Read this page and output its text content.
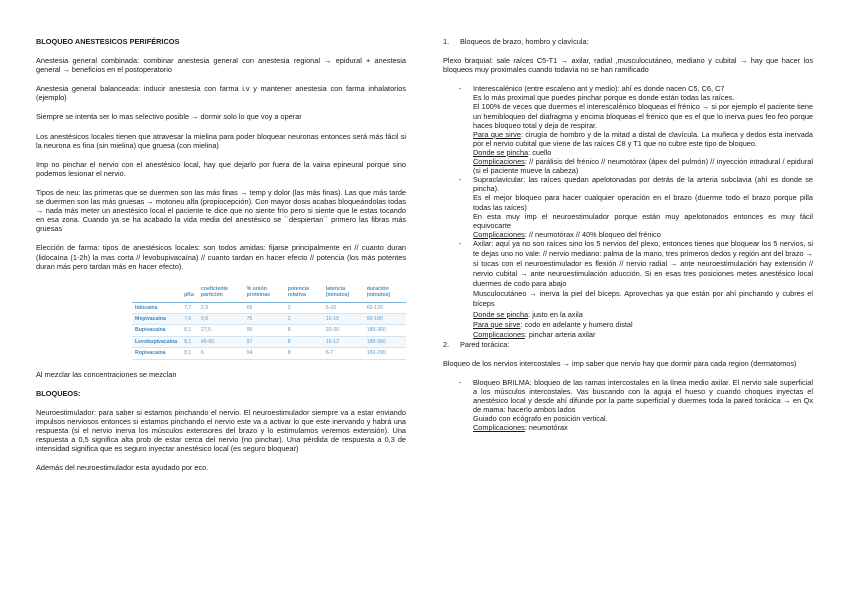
BLOQUEO ANESTESICOS PERIFÉRICOS

Anestesia general combinada: combinar anestesia general con anestesia regional → epidural + anestesia general → beneficios en el postoperatorio

Anestesia general balanceada: inducir anestesia con farma i.v y mantener anestesia con farma inhalatorios (ejemplo)

Siempre se intenta ser lo mas selectivo posible → dormir solo lo que voy a operar

Los anestésicos locales tienen que atravesar la mielina para poder bloquear neuronas entonces será más fácil si la neurona es fina (sin mielina) que gruesa (con mielina)

Imp no pinchar el nervio con el anestésico local, hay que dejarlo por fuera de la vaina epineural porque sino podemos lesionar el nervio.

Tipos de neu: las primeras que se duermen son las más finas → temp y dolor (las más finas). Las que más tarde se duermen son las más gruesas → motoneu alfa (propiocepción). Con mayor dosis acabas bloqueándolas todas → nada más meter un anestésico local el paciente te dice que no siente frío pero si siente que le estas tocando en esa zona. Cuando ya se ha acabado la vida media del anestésico se ´´despiertan´´ primero las fibras más gruesas

Elección de farma: tipos de anestésicos locales: son todos amidas: fijarse principalmente en // cuanto duran (lidocaína (1-2h) la mas corta // levobupivacaína) // cuanto tardan en hacer efecto // potencia (los más potentes duran más pero tardan más en hacer efecto).

	pKa	coeficiente partición	% unión proteínas	potencia relativa	latencia (minutos)	duración (minutos)
lidocaína	7,7	2,9	65	2	5-10	60-120
Mepivacaína	7,6	0,8	75	2	10-15	90-180
Bupivacaína	8,1	27,5	95	8	20-30	180-360
Levobupivacaína	8,1	45-60	97	8	10-12	180-360
Ropivacaína	8,1	6	94	8	6-7	160-290

Al mezclar las concentraciones se mezclan

BLOQUEOS:

Neuroestimulador: para saber si estamos pinchando el nervio. El neuroestimulador siempre va a estar enviando impulsos nerviosos entonces si estamos pinchando el nervio este va a activar lo que este inervando y habrá una respuesta (si el nervio inerva los músculos extensores del brazo y lo estimulamos veremos extensión). Una respuesta a 0,5 significa alta prob de estar cerca del nervio (no pinchar). Una pérdida de respuesta a 0,3 de intensidad significa que es seguro inyectar anestésico local (es seguro bloquear)

Además del neuroestimulador esta ayudado por eco.

1.	Bloqueos de brazo, hombro y clavícula:

Plexo braquial: sale raíces C5-T1 → axilar, radial ,musculocutáneo, mediano y cubital → hay que hacer los bloqueos muy proximales cuando todavía no se han ramificado

-	Interescalénico (entre escaleno ant y medio): ahí es donde nacen C5, C6, C7
Es lo más proximal que puedes pinchar porque es donde están todas las raíces.
El 100% de veces que duermes el interescalénico bloqueas el frénico → si por ejemplo el paciente tiene un hemibloqueo del diafragma y encima bloqueas el frénico que es el que lo inerva pues feo feo porque haces bloqueo total y deja de respirar.
Para que sirve: cirugía de hombro y de la mitad a distal de clavícula. La muñeca y dedos esta inervada por el nervio cubital que viene de las raíces C8 y T1 que no cubre este tipo de bloqueo.
Donde se pincha: cuello
Complicaciones: // parálisis del frénico // neumotórax (ápex del pulmón) // inyección intradural / epidural (si el paciente mueve la cabeza)
-	Supraclavicular: las raíces quedan apelotonadas por detrás de la arteria subclavia (ahí es donde se pincha).
Es el mejor bloqueo para hacer cualquier operación en el brazo (duerme todo el brazo porque pilla todas las raíces)
En esta muy imp el neuroestimulador porque están muy apelotonados entonces es muy fácil equivocarte
Complicaciones: // neumotórax // 40% bloqueo del frénico
-	Axilar: aquí ya no son raíces sino los 5 nervios del plexo, entonces tienes que bloquear los 5 nervios, si te dejas uno no vale: // nervio mediano: palma de la mano, tres primeros dedos y región ant del brazo → si tocas con el neuroestimulador es flexión // nervio radial → ante neuroestimulación hay extensión // nervio cubital → ante neuroestimulación aducción. Si en esas tres posiciones metes anestésico local duermes de codo para abajo
Musculocutáneo → inerva la piel del bíceps. Aprovechas ya que están por ahí pinchando y cubres el bíceps
Donde se pincha: justo en la axila
Para que sirve: codo en adelante y humero distal
Complicaciones: pinchar arteria axilar
2.	Pared torácica:

Bloqueo de los nervios intercostales → imp saber que nervio hay que dormir para cada region (dermatomos)

-	Bloqueo BRILMA: bloqueo de las ramas intercostales en la línea medio axilar. El nervio sale superficial a los músculos intercostales. Vas buscando con la aguja el hueso y cuando choques inyectas el anestésico local y desde ahí difunde por la parte superficial y duermes toda la pared torácica → en Qx de mama: hacerlo ambos lados
Guiado con ecógrafo en posición vertical.
Complicaciones: neumotórax
